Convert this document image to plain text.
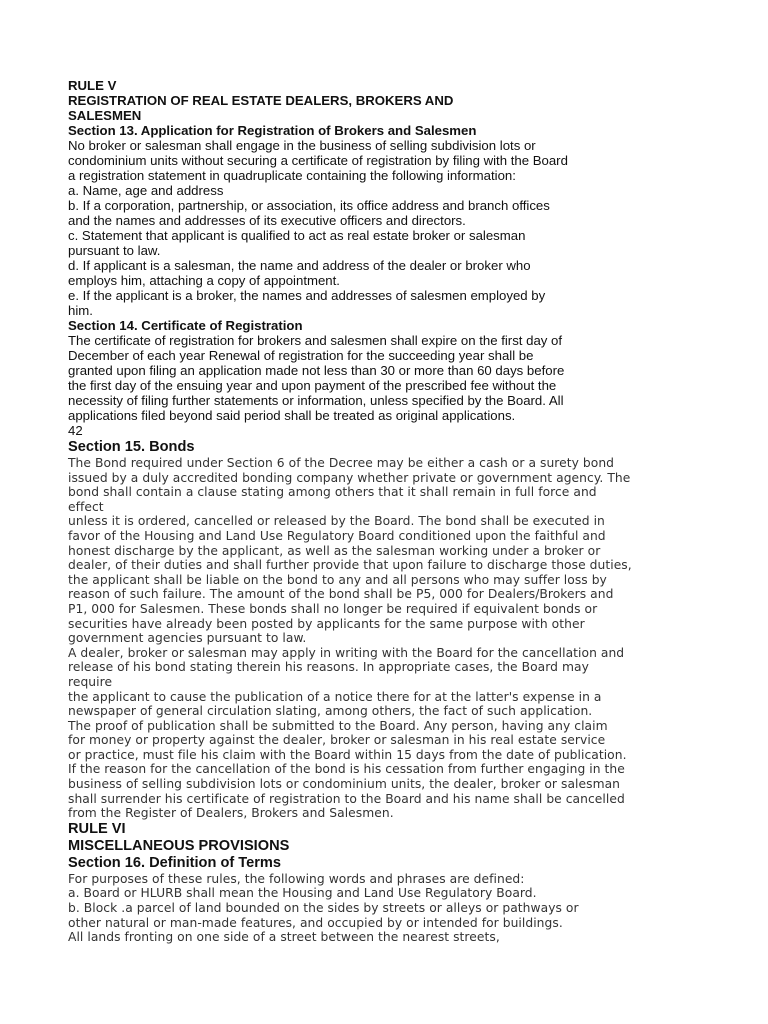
RULE V

REGISTRATION OF REAL ESTATE DEALERS, BROKERS AND

SALESMEN

Section 13. Application for Registration of Brokers and Salesmen

No broker or salesman shall engage in the business of selling subdivision lots or

condominium units without securing a certificate of registration by filing with the Board

a registration statement in quadruplicate containing the following information:

a. Name, age and address

b. If a corporation, partnership, or association, its office address and branch offices

and the names and addresses of its executive officers and directors.

c. Statement that applicant is qualified to act as real estate broker or salesman

pursuant to law.

d. If applicant is a salesman, the name and address of the dealer or broker who

employs him, attaching a copy of appointment.

e. If the applicant is a broker, the names and addresses of salesmen employed by

him.

Section 14. Certificate of Registration

The certificate of registration for brokers and salesmen shall expire on the first day of

December of each year Renewal of registration for the succeeding year shall be

granted upon filing an application made not less than 30 or more than 60 days before

the first day of the ensuing year and upon payment of the prescribed fee without the

necessity of filing further statements or information, unless specified by the Board. All

applications filed beyond said period shall be treated as original applications.

42

Section 15. Bonds

The Bond required under Section 6 of the Decree may be either a cash or a surety bond

issued by a duly accredited bonding company whether private or government agency. The

bond shall contain a clause stating among others that it shall remain in full force and

effect

unless it is ordered, cancelled or released by the Board. The bond shall be executed in

favor of the Housing and Land Use Regulatory Board conditioned upon the faithful and

honest discharge by the applicant, as well as the salesman working under a broker or

dealer, of their duties and shall further provide that upon failure to discharge those duties,

the applicant shall be liable on the bond to any and all persons who may suffer loss by

reason of such failure. The amount of the bond shall be P5, 000 for Dealers/Brokers and

P1, 000 for Salesmen. These bonds shall no longer be required if equivalent bonds or

securities have already been posted by applicants for the same purpose with other

government agencies pursuant to law.

A dealer, broker or salesman may apply in writing with the Board for the cancellation and

release of his bond stating therein his reasons. In appropriate cases, the Board may

require

the applicant to cause the publication of a notice there for at the latter's expense in a

newspaper of general circulation slating, among others, the fact of such application.

The proof of publication shall be submitted to the Board. Any person, having any claim

for money or property against the dealer, broker or salesman in his real estate service

or practice, must file his claim with the Board within 15 days from the date of publication.

If the reason for the cancellation of the bond is his cessation from further engaging in the

business of selling subdivision lots or condominium units, the dealer, broker or salesman

shall surrender his certificate of registration to the Board and his name shall be cancelled

from the Register of Dealers, Brokers and Salesmen.

RULE VI

MISCELLANEOUS PROVISIONS

Section 16. Definition of Terms

For purposes of these rules, the following words and phrases are defined:

a. Board or HLURB shall mean the Housing and Land Use Regulatory Board.

b. Block .a parcel of land bounded on the sides by streets or alleys or pathways or

other natural or man-made features, and occupied by or intended for buildings.

All lands fronting on one side of a street between the nearest streets,
